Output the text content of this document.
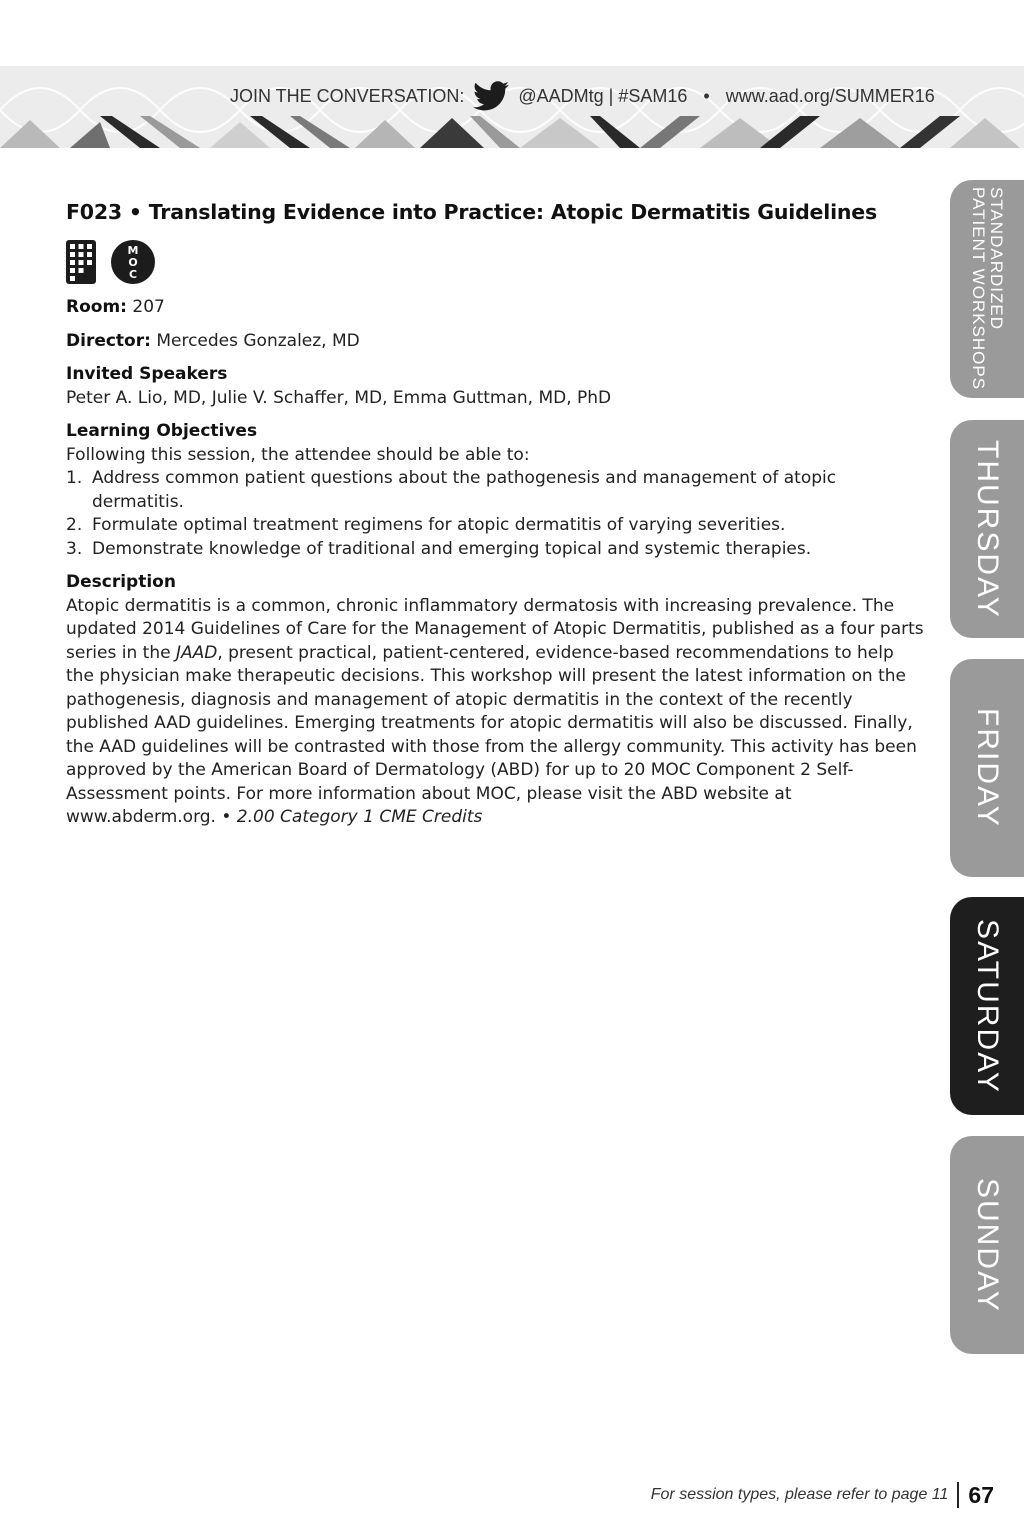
JOIN THE CONVERSATION:	@AADMtg | #SAM16 • www.aad.org/SUMMER16
F023 • Translating Evidence into Practice: Atopic Dermatitis Guidelines
M
O
C
Room: 207
Director: Mercedes Gonzalez, MD
Invited Speakers
Peter A. Lio, MD, Julie V. Schaffer, MD, Emma Guttman, MD, PhD
Learning Objectives
Following this session, the attendee should be able to:
1. Address common patient questions about the pathogenesis and management of atopic dermatitis.
2. Formulate optimal treatment regimens for atopic dermatitis of varying severities.
3. Demonstrate knowledge of traditional and emerging topical and systemic therapies.
Description
Atopic dermatitis is a common, chronic inflammatory dermatosis with increasing prevalence. The updated 2014 Guidelines of Care for the Management of Atopic Dermatitis, published as a four parts series in the JAAD, present practical, patient-centered, evidence-based recommendations to help the physician make therapeutic decisions. This workshop will present the latest information on the pathogenesis, diagnosis and management of atopic dermatitis in the context of the recently published AAD guidelines. Emerging treatments for atopic dermatitis will also be discussed. Finally, the AAD guidelines will be contrasted with those from the allergy community. This activity has been approved by the American Board of Dermatology (ABD) for up to 20 MOC Component 2 Self-Assessment points. For more information about MOC, please visit the ABD website at www.abderm.org. • 2.00 Category 1 CME Credits
STANDARDIZED
PATIENT WORKSHOPS
THURSDAY
FRIDAY
SATURDAY
SUNDAY
For session types, please refer to page 11 67
